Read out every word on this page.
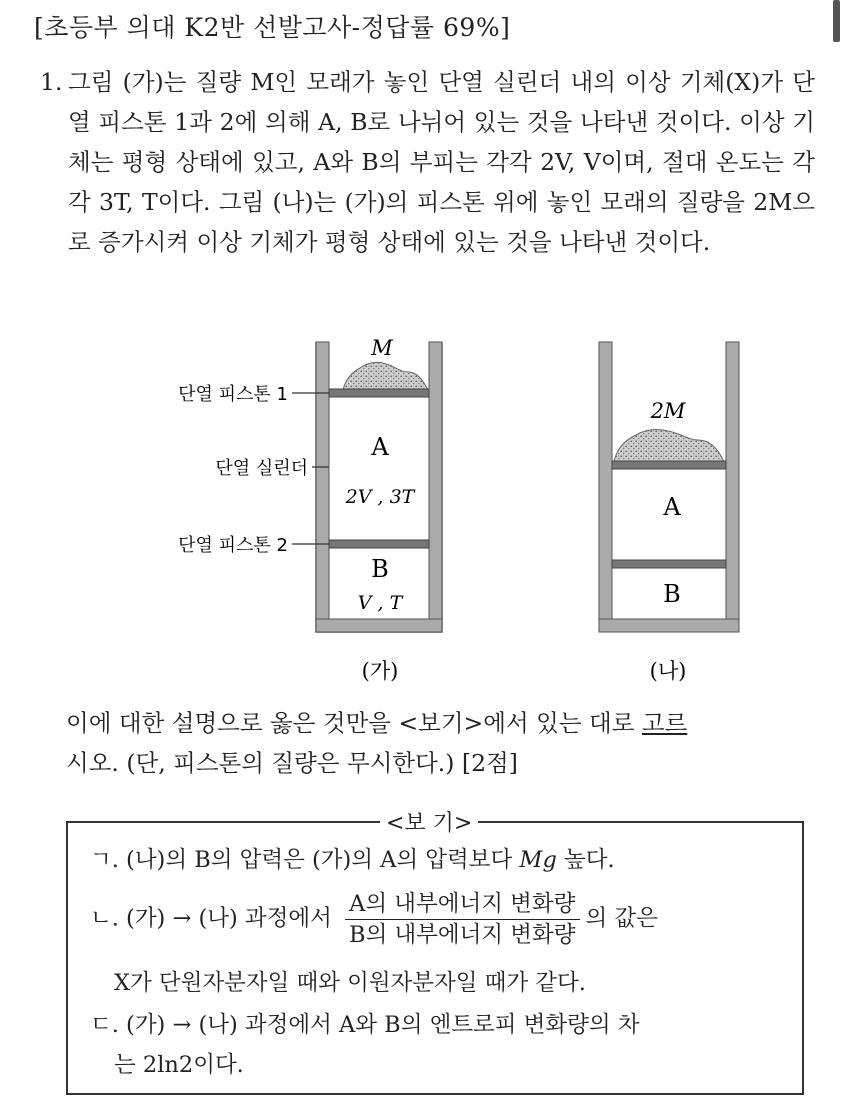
[초등부 의대 K2반 선발고사-정답률 69%]
1. 그림 (가)는 질량 M인 모래가 놓인 단열 실린더 내의 이상 기체(X)가 단열 피스톤 1과 2에 의해 A, B로 나뉘어 있는 것을 나타낸 것이다. 이상 기체는 평형 상태에 있고, A와 B의 부피는 각각 2V, V이며, 절대 온도는 각각 3T, T이다. 그림 (나)는 (가)의 피스톤 위에 놓인 모래의 질량을 2M으로 증가시켜 이상 기체가 평형 상태에 있는 것을 나타낸 것이다.
M
단열 피스톤 1
단열 실린더
단열 피스톤 2
A
2V , 3T
B
V , T
(가)
2M
A
B
(나)
이에 대한 설명으로 옳은 것만을 <보기>에서 있는 대로 고르
시오. (단, 피스톤의 질량은 무시한다.) [2점]
<보 기>
ㄱ. (나)의 B의 압력은 (가)의 A의 압력보다 Mg 높다.
ㄴ. (가) → (나) 과정에서 $\frac{\text{A의 내부에너지 변화량}}{\text{B의 내부에너지 변화량}}$ 의 값은
X가 단원자분자일 때와 이원자분자일 때가 같다.
ㄷ. (가) → (나) 과정에서 A와 B의 엔트로피 변화량의 차
는 2ln2이다.
